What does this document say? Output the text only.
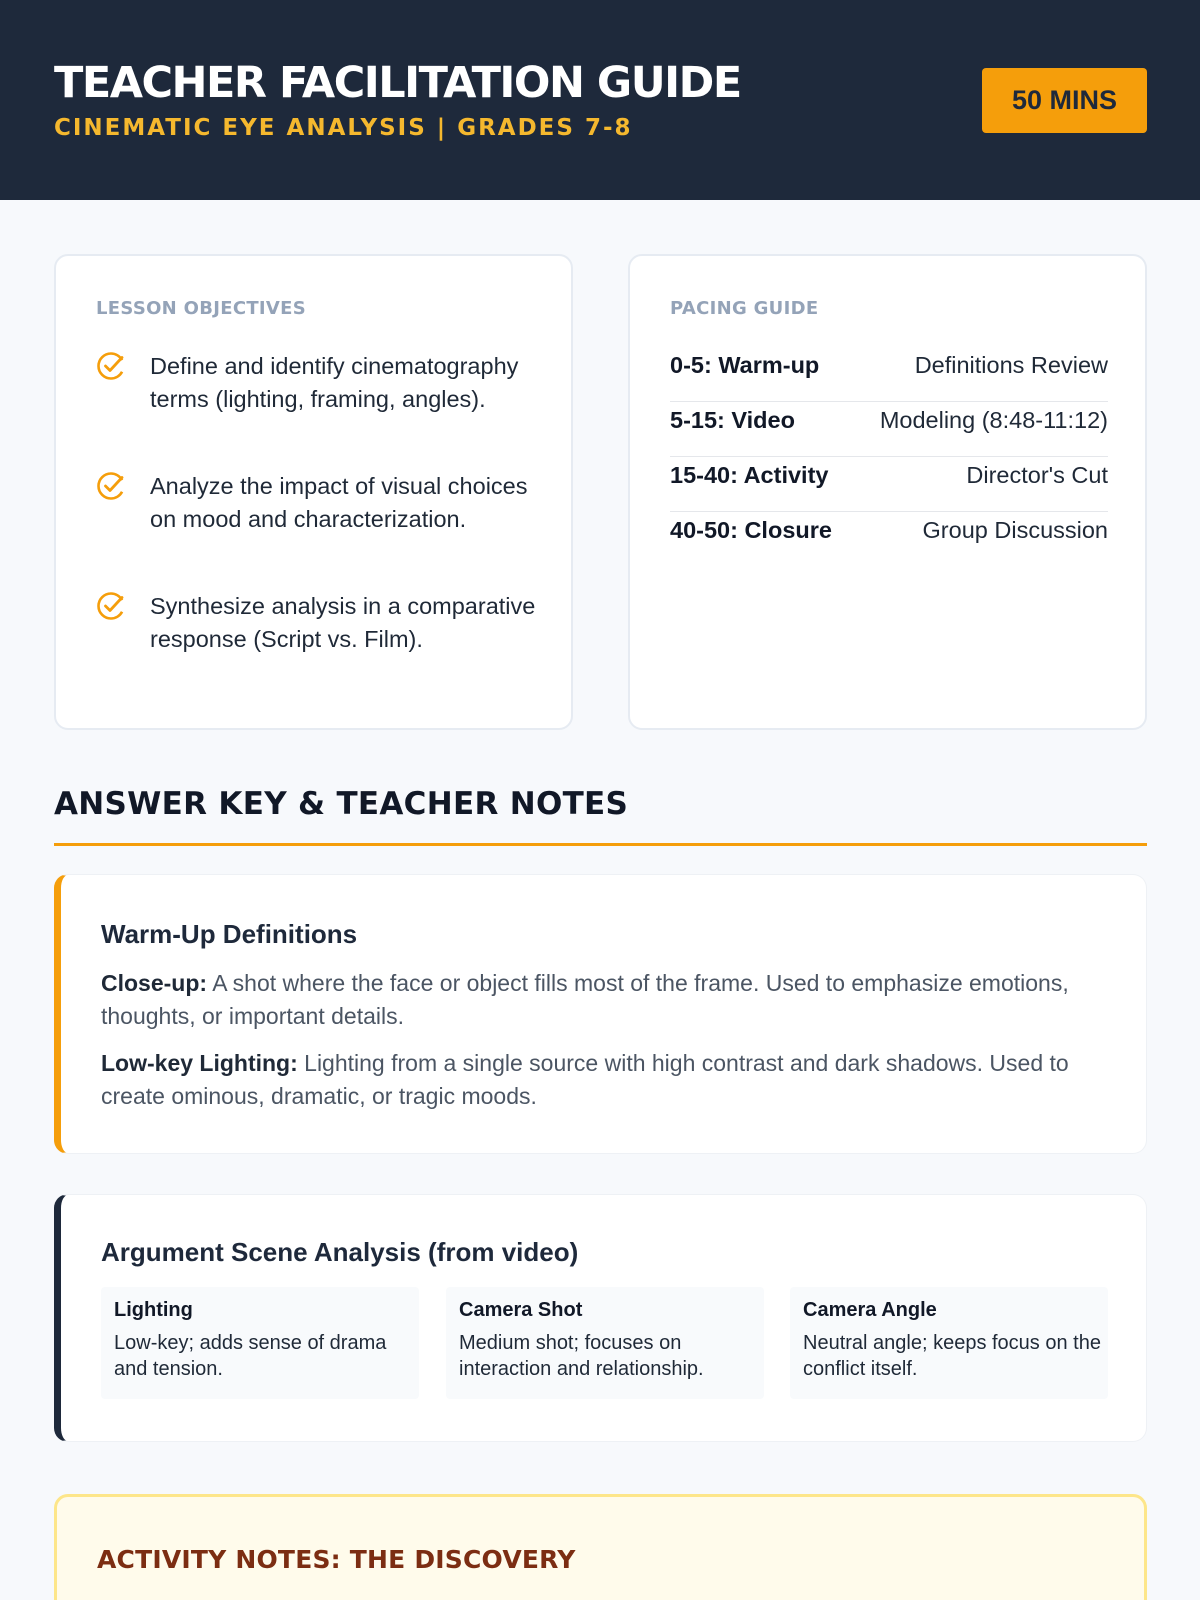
TEACHER FACILITATION GUIDE
CINEMATIC EYE ANALYSIS | GRADES 7-8
50 MINS
LESSON OBJECTIVES
Define and identify cinematography terms (lighting, framing, angles).
Analyze the impact of visual choices on mood and characterization.
Synthesize analysis in a comparative response (Script vs. Film).
PACING GUIDE
0-5: Warm-up	Definitions Review
5-15: Video	Modeling (8:48-11:12)
15-40: Activity	Director's Cut
40-50: Closure	Group Discussion
ANSWER KEY & TEACHER NOTES
Warm-Up Definitions
Close-up: A shot where the face or object fills most of the frame. Used to emphasize emotions, thoughts, or important details.
Low-key Lighting: Lighting from a single source with high contrast and dark shadows. Used to create ominous, dramatic, or tragic moods.
Argument Scene Analysis (from video)
Lighting
Low-key; adds sense of drama and tension.
Camera Shot
Medium shot; focuses on interaction and relationship.
Camera Angle
Neutral angle; keeps focus on the conflict itself.
ACTIVITY NOTES: THE DISCOVERY
